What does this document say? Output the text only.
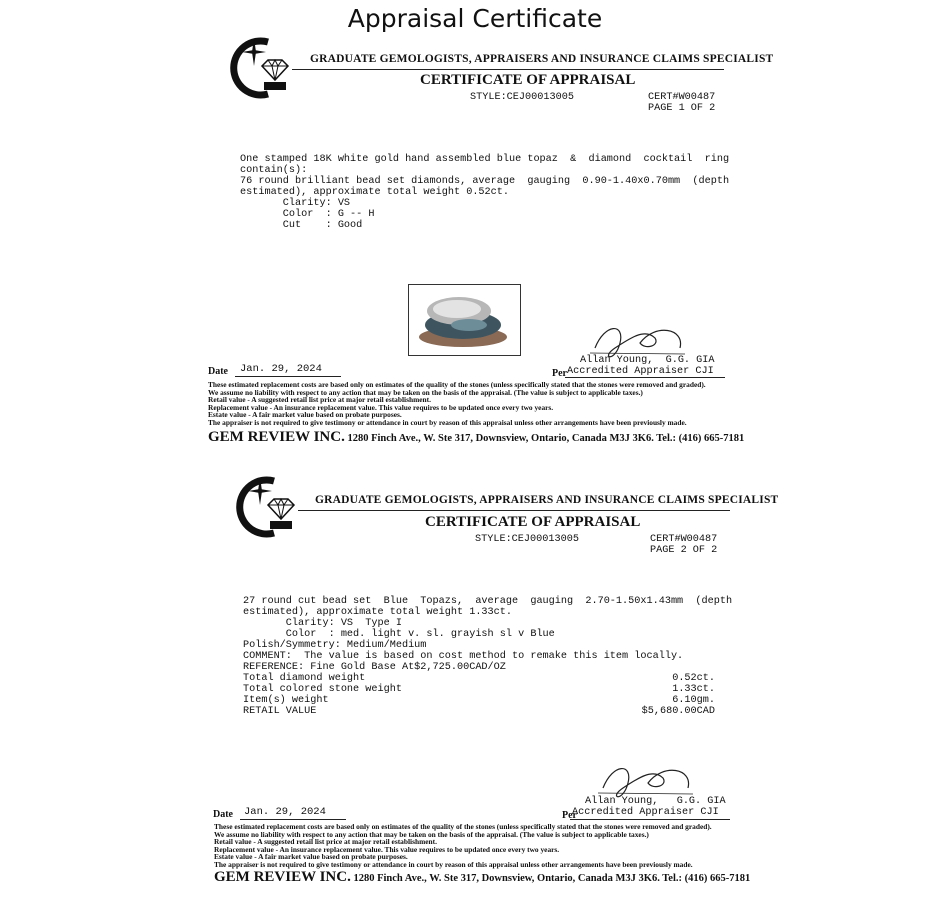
Appraisal Certificate
GRADUATE GEMOLOGISTS, APPRAISERS AND INSURANCE CLAIMS SPECIALIST
CERTIFICATE OF APPRAISAL
STYLE:CEJ00013005	CERT#W00487
PAGE 1 OF 2
One stamped 18K white gold hand assembled blue topaz  &  diamond  cocktail  ring
contain(s):
76 round brilliant bead set diamonds, average  gauging  0.90-1.40x0.70mm  (depth
estimated), approximate total weight 0.52ct.
Clarity: VS
Color  : G -- H
Cut    : Good
Allan Young,  G.G. GIA
Accredited Appraiser CJI
Per
Date Jan. 29, 2024
These estimated replacement costs are based only on estimates of the quality of the stones (unless specifically stated that the stones were removed and graded).
We assume no liability with respect to any action that may be taken on the basis of the appraisal. (The value is subject to applicable taxes.)
Retail value - A suggested retail list price at major retail establishment.
Replacement value - An insurance replacement value. This value requires to be updated once every two years.
Estate value - A fair market value based on probate purposes.
The appraiser is not required to give testimony or attendance in court by reason of this appraisal unless other arrangements have been previously made.
GEM REVIEW INC. 1280 Finch Ave., W. Ste 317, Downsview, Ontario, Canada M3J 3K6. Tel.: (416) 665-7181
GRADUATE GEMOLOGISTS, APPRAISERS AND INSURANCE CLAIMS SPECIALIST
CERTIFICATE OF APPRAISAL
STYLE:CEJ00013005	CERT#W00487
PAGE 2 OF 2
27 round cut bead set  Blue  Topazs,  average  gauging  2.70-1.50x1.43mm  (depth
estimated), approximate total weight 1.33ct.
Clarity: VS  Type I
Color  : med. light v. sl. grayish sl v Blue
Polish/Symmetry: Medium/Medium
COMMENT:  The value is based on cost method to remake this item locally.
REFERENCE: Fine Gold Base At$2,725.00CAD/OZ
Total diamond weight	0.52ct.
Total colored stone weight	1.33ct.
Item(s) weight	6.10gm.
RETAIL VALUE	$5,680.00CAD
Allan Young,   G.G. GIA
Accredited Appraiser CJI
Per
Date Jan. 29, 2024
These estimated replacement costs are based only on estimates of the quality of the stones (unless specifically stated that the stones were removed and graded).
We assume no liability with respect to any action that may be taken on the basis of the appraisal. (The value is subject to applicable taxes.)
Retail value - A suggested retail list price at major retail establishment.
Replacement value - An insurance replacement value. This value requires to be updated once every two years.
Estate value - A fair market value based on probate purposes.
The appraiser is not required to give testimony or attendance in court by reason of this appraisal unless other arrangements have been previously made.
GEM REVIEW INC. 1280 Finch Ave., W. Ste 317, Downsview, Ontario, Canada M3J 3K6. Tel.: (416) 665-7181
